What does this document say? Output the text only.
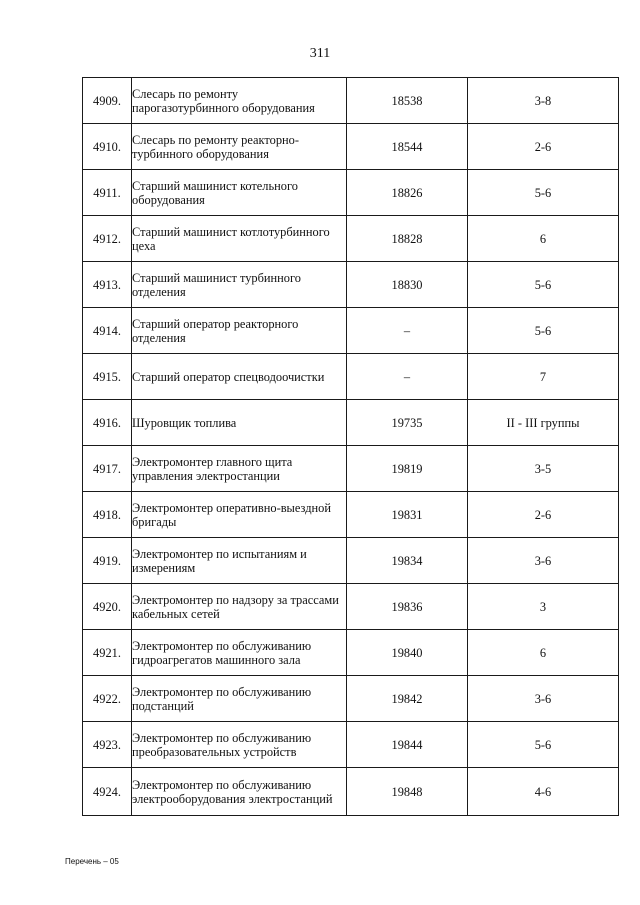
311
4909.	Слесарь по ремонту парогазотурбинного оборудования	18538	3-8
4910.	Слесарь по ремонту реакторно-турбинного оборудования	18544	2-6
4911.	Старший машинист котельного оборудования	18826	5-6
4912.	Старший машинист котлотурбинного цеха	18828	6
4913.	Старший машинист турбинного отделения	18830	5-6
4914.	Старший оператор реакторного отделения	–	5-6
4915.	Старший оператор спецводоочистки	–	7
4916.	Шуровщик топлива	19735	II - III группы
4917.	Электромонтер главного щита управления электростанции	19819	3-5
4918.	Электромонтер оперативно-выездной бригады	19831	2-6
4919.	Электромонтер по испытаниям и измерениям	19834	3-6
4920.	Электромонтер по надзору за трассами кабельных сетей	19836	3
4921.	Электромонтер по обслуживанию гидроагрегатов машинного зала	19840	6
4922.	Электромонтер по обслуживанию подстанций	19842	3-6
4923.	Электромонтер по обслуживанию преобразовательных устройств	19844	5-6
4924.	Электромонтер по обслуживанию электрооборудования электростанций	19848	4-6
Перечень – 05
